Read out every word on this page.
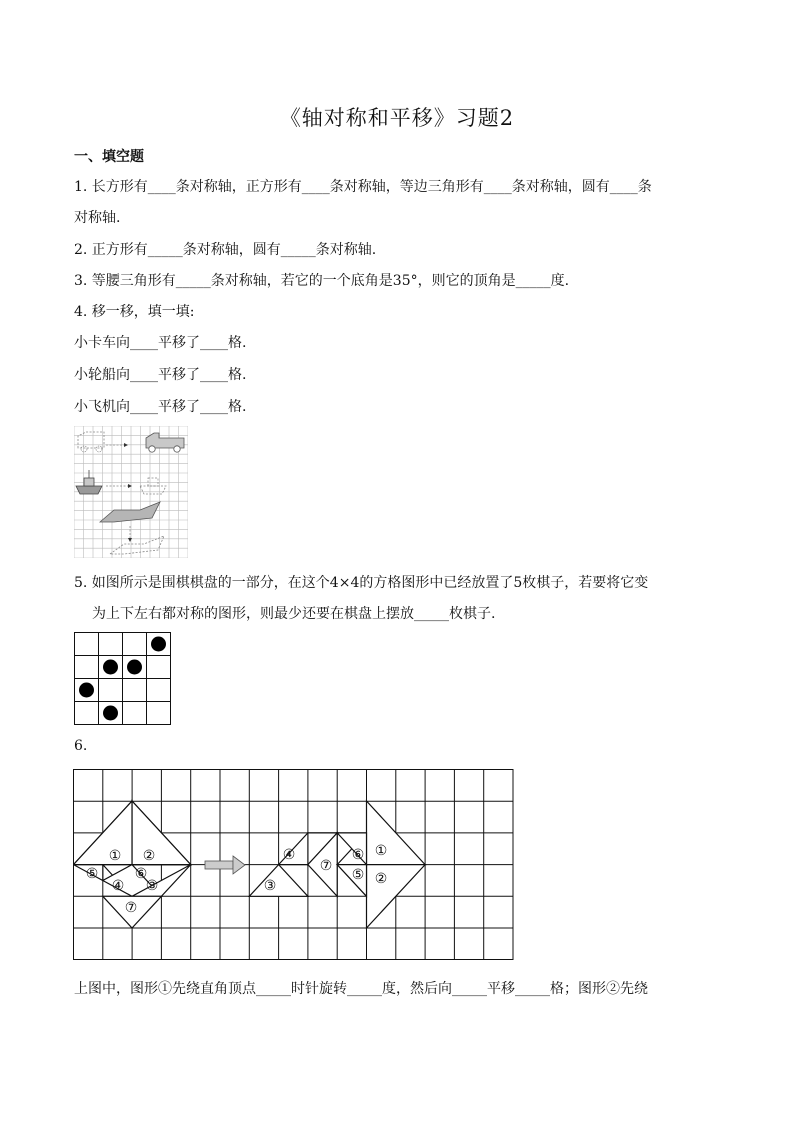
《轴对称和平移》习题2
一、填空题
1. 长方形有____条对称轴，正方形有____条对称轴，等边三角形有____条对称轴，圆有____条
对称轴.
2. 正方形有_____条对称轴，圆有_____条对称轴.
3. 等腰三角形有_____条对称轴，若它的一个底角是35°，则它的顶角是_____度.
4. 移一移，填一填:
小卡车向____平移了____格.
小轮船向____平移了____格.
小飞机向____平移了____格.
5. 如图所示是围棋棋盘的一部分，在这个4×4的方格图形中已经放置了5枚棋子，若要将它变
为上下左右都对称的图形，则最少还要在棋盘上摆放_____枚棋子.
6.
① ②
⑥
⑤
④ ③
⑦
④
⑦
⑥ ①
③
⑤ ②
上图中，图形①先绕直角顶点_____时针旋转_____度，然后向_____平移_____格；图形②先绕
